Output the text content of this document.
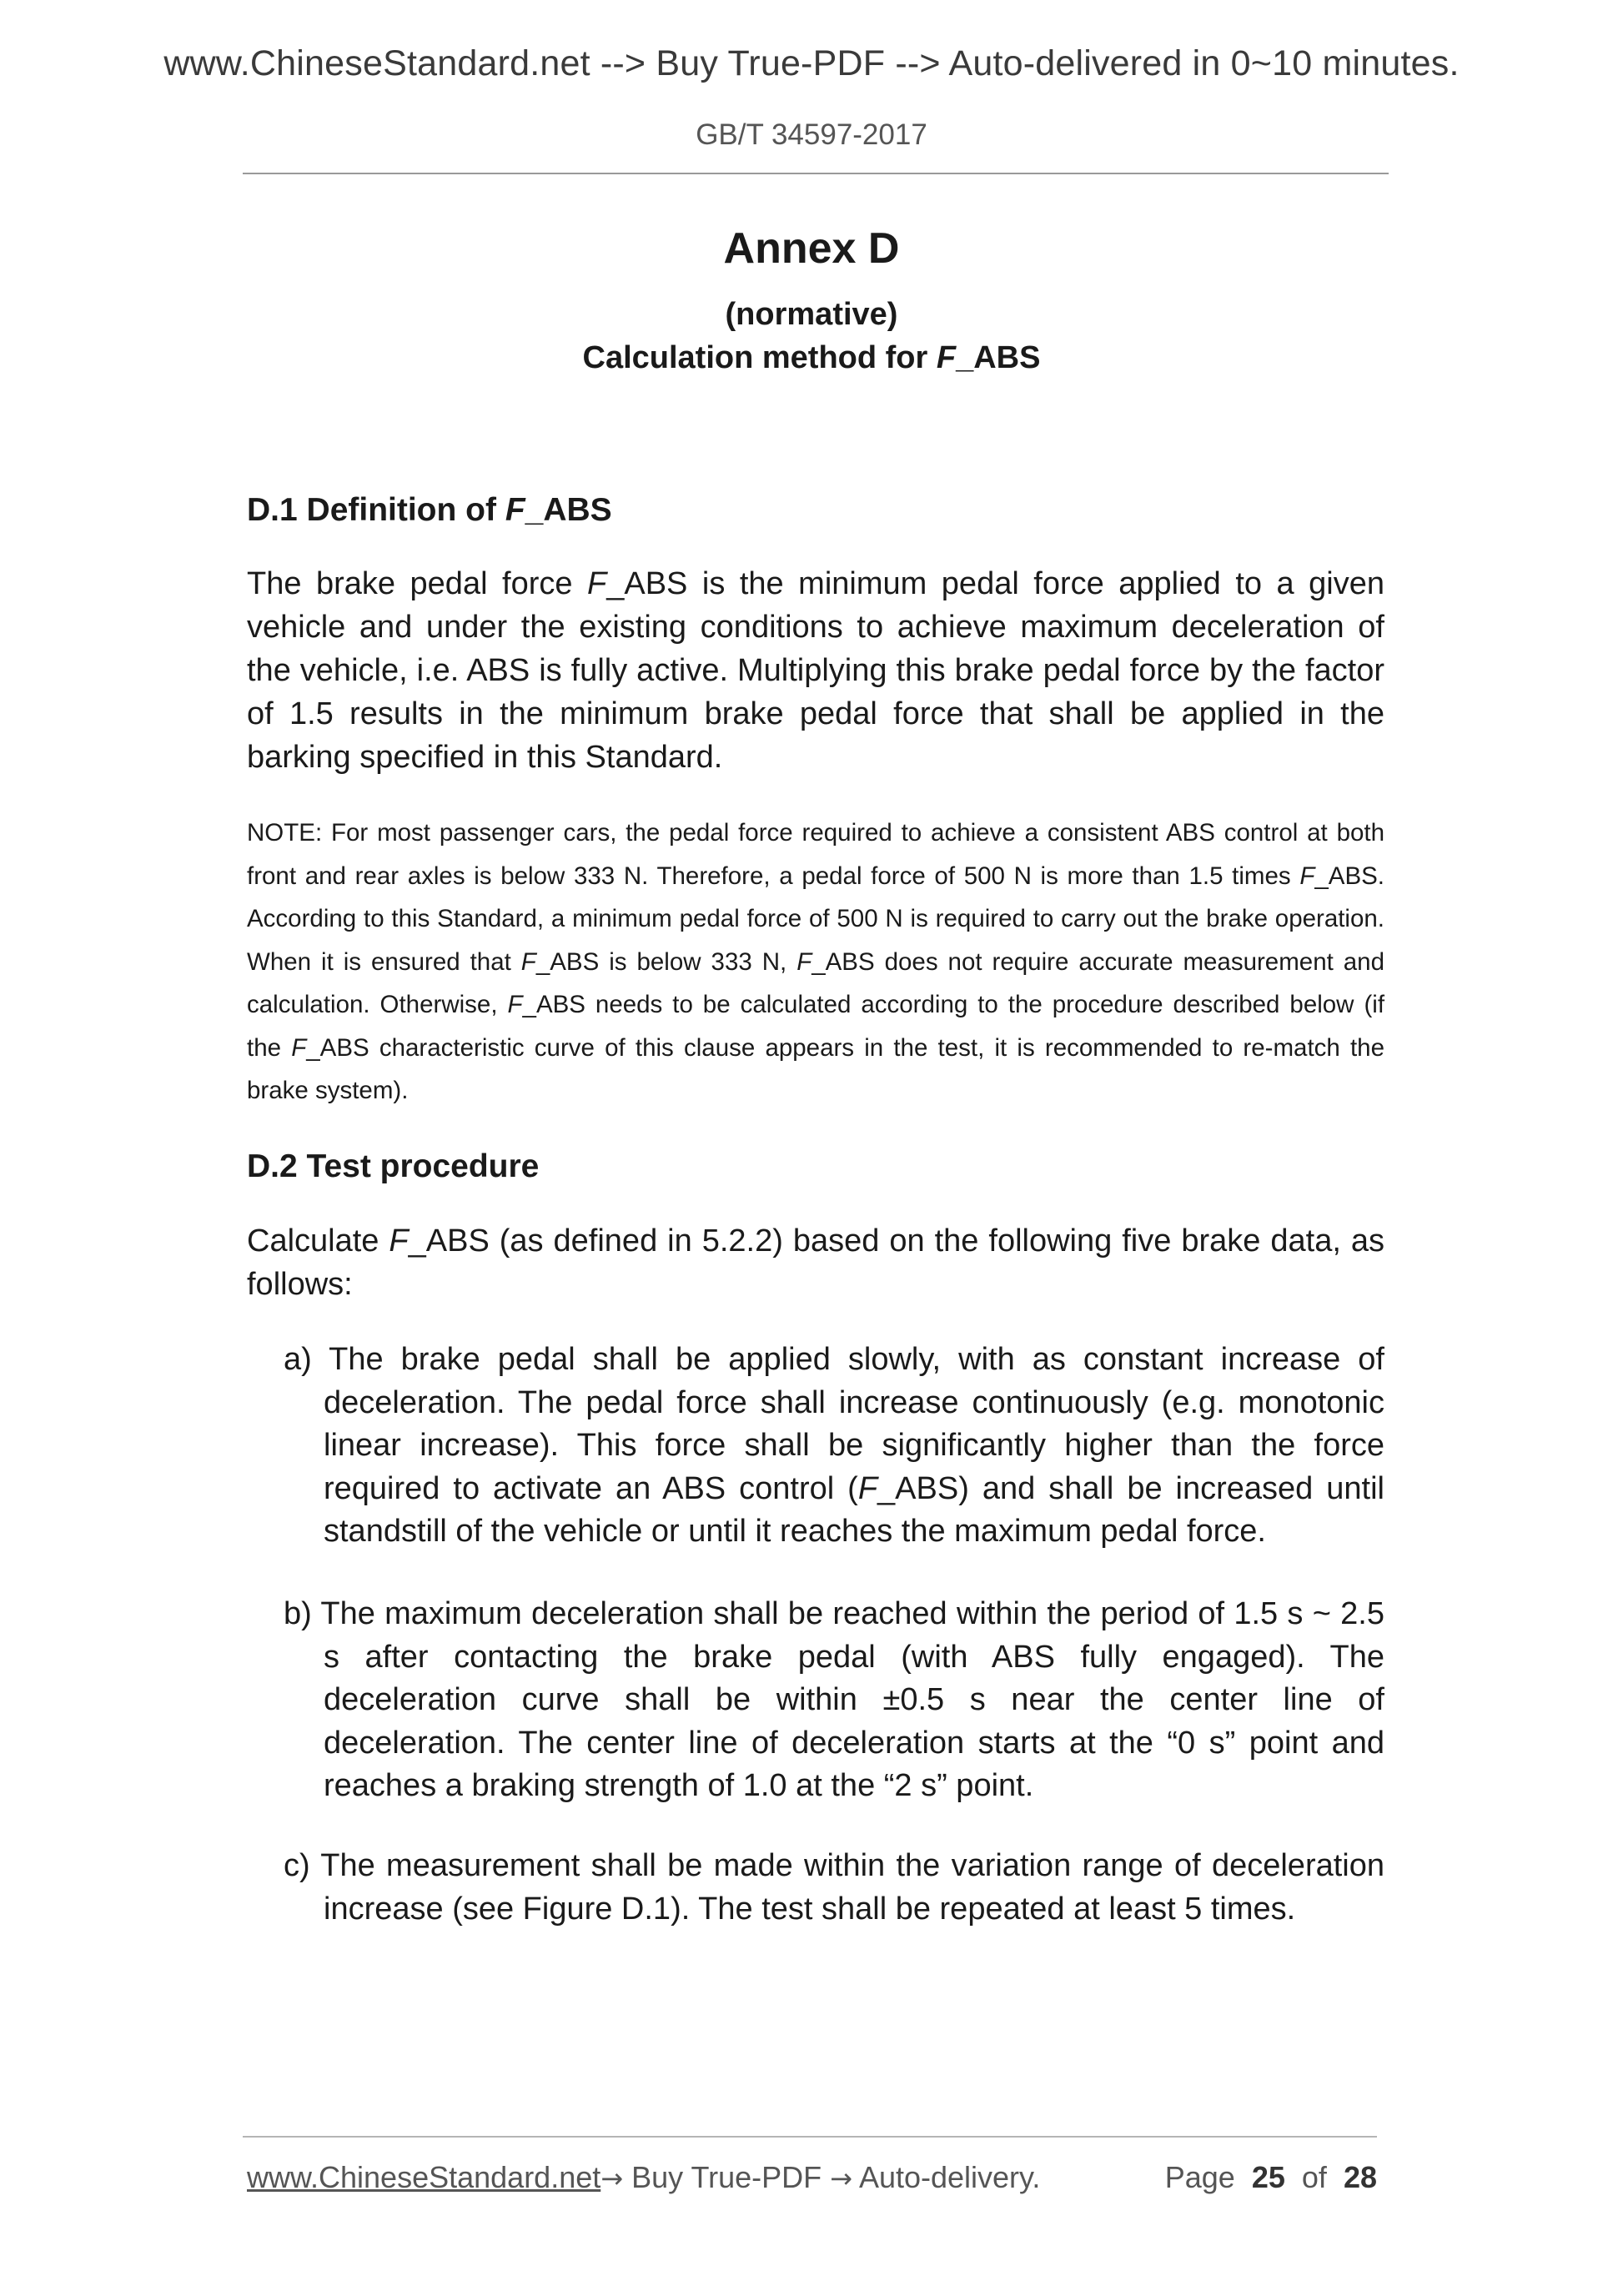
www.ChineseStandard.net --> Buy True-PDF --> Auto-delivered in 0~10 minutes.
GB/T 34597-2017
Annex D
(normative)
Calculation method for F_ABS
D.1 Definition of F_ABS
The brake pedal force F_ABS is the minimum pedal force applied to a given vehicle and under the existing conditions to achieve maximum deceleration of the vehicle, i.e. ABS is fully active. Multiplying this brake pedal force by the factor of 1.5 results in the minimum brake pedal force that shall be applied in the barking specified in this Standard.
NOTE: For most passenger cars, the pedal force required to achieve a consistent ABS control at both front and rear axles is below 333 N. Therefore, a pedal force of 500 N is more than 1.5 times F_ABS. According to this Standard, a minimum pedal force of 500 N is required to carry out the brake operation. When it is ensured that F_ABS is below 333 N, F_ABS does not require accurate measurement and calculation. Otherwise, F_ABS needs to be calculated according to the procedure described below (if the F_ABS characteristic curve of this clause appears in the test, it is recommended to re-match the brake system).
D.2 Test procedure
Calculate F_ABS (as defined in 5.2.2) based on the following five brake data, as follows:
a) The brake pedal shall be applied slowly, with as constant increase of deceleration. The pedal force shall increase continuously (e.g. monotonic linear increase). This force shall be significantly higher than the force required to activate an ABS control (F_ABS) and shall be increased until standstill of the vehicle or until it reaches the maximum pedal force.
b) The maximum deceleration shall be reached within the period of 1.5 s ~ 2.5 s after contacting the brake pedal (with ABS fully engaged). The deceleration curve shall be within ±0.5 s near the center line of deceleration. The center line of deceleration starts at the “0 s” point and reaches a braking strength of 1.0 at the “2 s” point.
c) The measurement shall be made within the variation range of deceleration increase (see Figure D.1). The test shall be repeated at least 5 times.
www.ChineseStandard.net→ Buy True-PDF → Auto-delivery.	Page 25 of 28
